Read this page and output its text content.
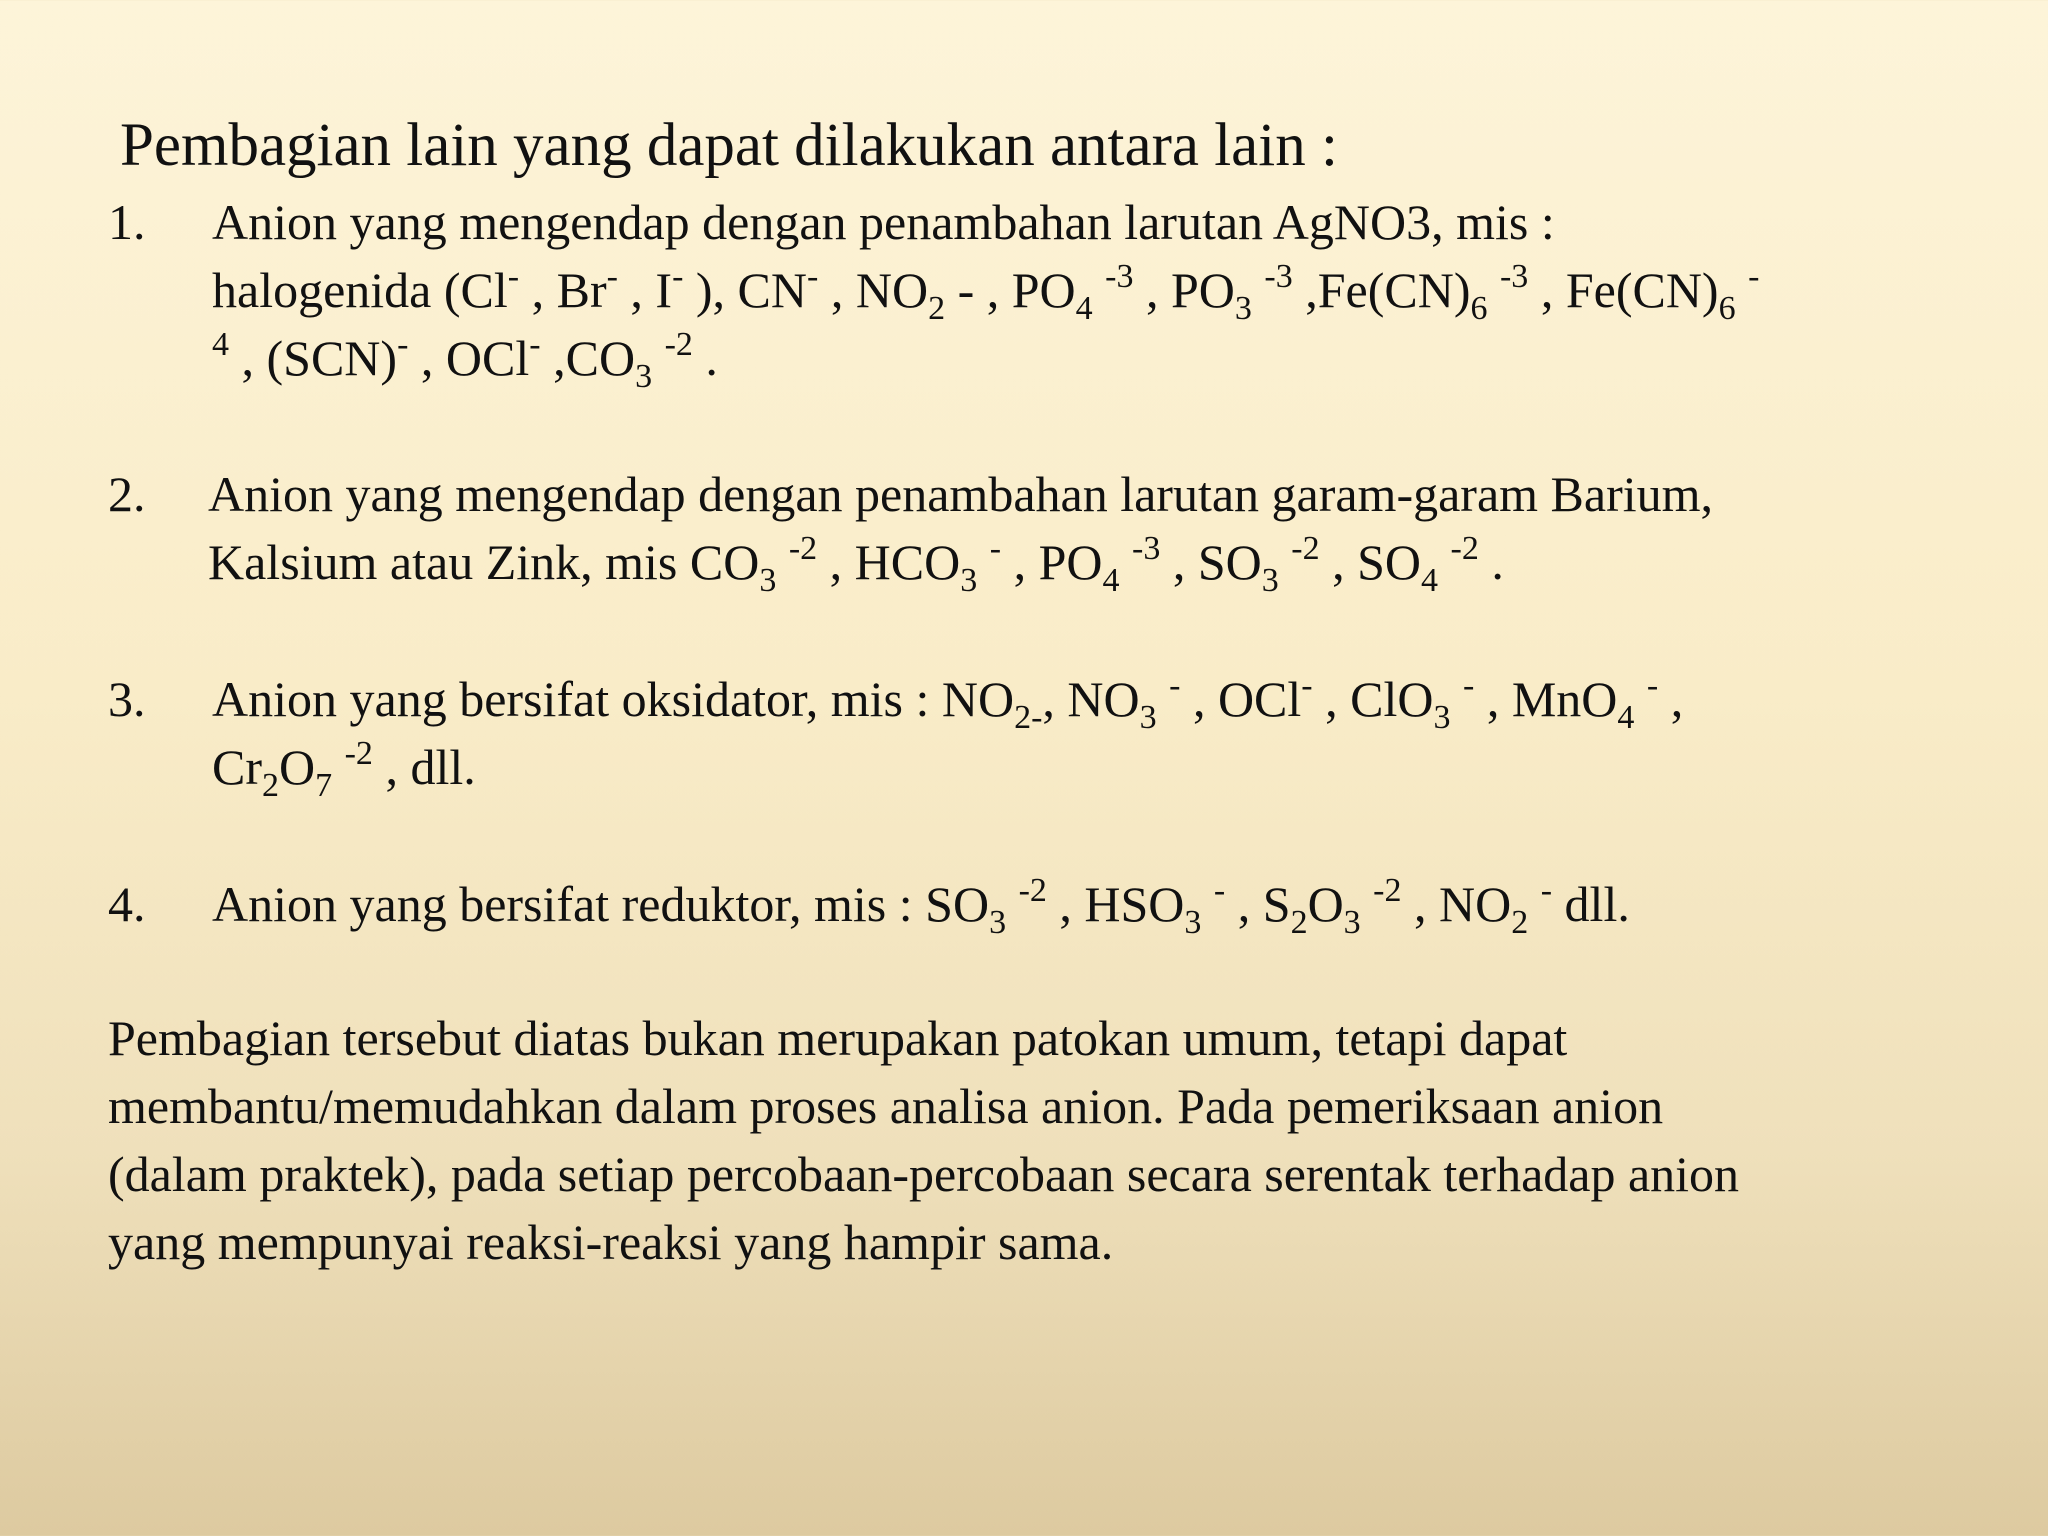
Pembagian lain yang dapat dilakukan antara lain :
1. Anion yang mengendap dengan penambahan larutan AgNO3, mis :
halogenida (Cl- , Br- , I- ), CN- , $NO_2$ - , $PO_4$ $^{-3}$ , $PO_3$ $^{-3}$ $,Fe(CN)_6$ $^{-3}$ , $Fe(CN)_6$ -
$^4$ , (SCN)- , OCl- $,CO_3$ $^{-2}$ .
2. Anion yang mengendap dengan penambahan larutan garam-garam Barium,
Kalsium atau Zink, mis $CO_3$ $^{-2}$ , $HCO_3$ - , $PO_4$ $^{-3}$ , $SO_3$ $^{-2}$ , $SO_4$ $^{-2}$ .
3. Anion yang bersifat oksidator, mis : $NO_{2-}$, $NO_3$ - , OCl- , ClO$_3$ - , MnO$_4$ - ,
$Cr_2O_7$ $^{-2}$ , dll.
4. Anion yang bersifat reduktor, mis : $SO_3$ $^{-2}$ , $HSO_3$ - , $S_2O_3$ $^{-2}$ , $NO_2$ - dll.

Pembagian tersebut diatas bukan merupakan patokan umum, tetapi dapat
membantu/memudahkan dalam proses analisa anion. Pada pemeriksaan anion
(dalam praktek), pada setiap percobaan-percobaan secara serentak terhadap anion
yang mempunyai reaksi-reaksi yang hampir sama.
